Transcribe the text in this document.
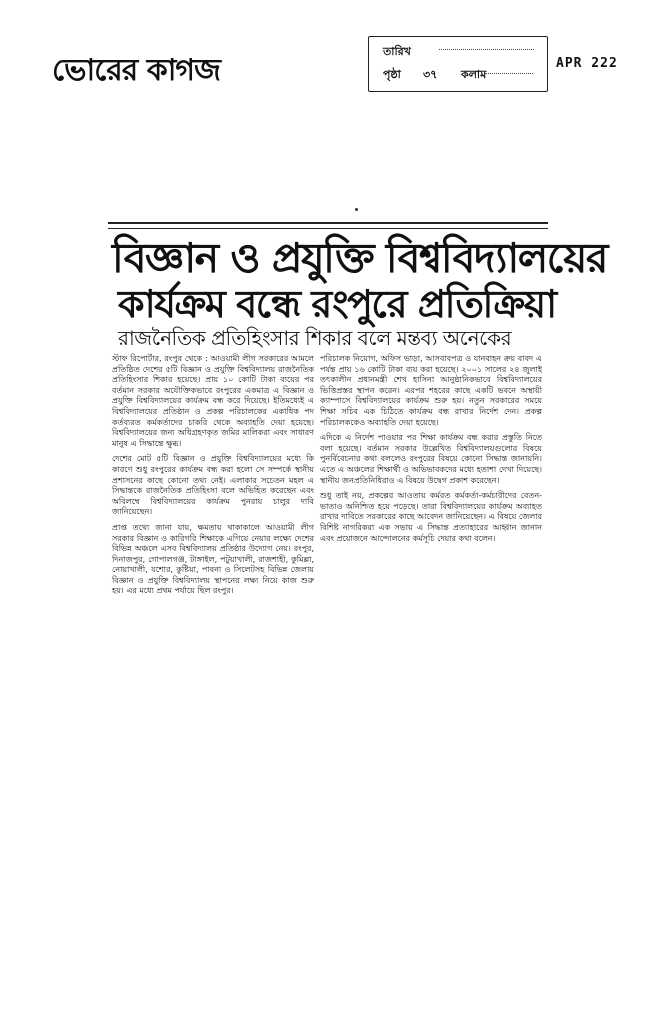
ভোরের কাগজ
তারিখ
পৃষ্ঠা ৩৭ কলাম
APR 222
বিজ্ঞান ও প্রযুক্তি বিশ্ববিদ্যালয়ের
কার্যক্রম বন্ধে রংপুরে প্রতিক্রিয়া
রাজনৈতিক প্রতিহিংসার শিকার বলে মন্তব্য অনেকের
স্টাফ রিপোর্টার, রংপুর থেকে : আওয়ামী লীগ সরকারের আমলে প্রতিষ্ঠিত দেশের ৫টি বিজ্ঞান ও প্রযুক্তি বিশ্ববিদ্যালয় রাজনৈতিক প্রতিহিংসার শিকার হয়েছে। প্রায় ১০ কোটি টাকা ব্যয়ের পর বর্তমান সরকার অযৌক্তিকভাবে রংপুরের একমাত্র এ বিজ্ঞান ও প্রযুক্তি বিশ্ববিদ্যালয়ের কার্যক্রম বন্ধ করে দিয়েছে। ইতিমধ্যেই এ বিশ্ববিদ্যালয়ের প্রতিষ্ঠান ও প্রকল্প পরিচালকের একাধিক পদ কর্তব্যরত কর্মকর্তাদের চাকরি থেকে অব্যাহতি দেয়া হয়েছে। বিশ্ববিদ্যালয়ের জন্য অধিগ্রহণকৃত জমির মালিকরা এবং সাধারণ মানুষ এ সিদ্ধান্তে ক্ষুব্ধ।
দেশের মোট ৫টি বিজ্ঞান ও প্রযুক্তি বিশ্ববিদ্যালয়ের মধ্যে কি কারণে শুধু রংপুরের কার্যক্রম বন্ধ করা হলো সে সম্পর্কে স্থানীয় প্রশাসনের কাছে কোনো তথ্য নেই। এলাকার সচেতন মহল এ সিদ্ধান্তকে রাজনৈতিক প্রতিহিংসা বলে অভিহিত করেছেন এবং অবিলম্বে বিশ্ববিদ্যালয়ের কার্যক্রম পুনরায় চালুর দাবি জানিয়েছেন।
প্রাপ্ত তথ্যে জানা যায়, ক্ষমতায় থাকাকালে আওয়ামী লীগ সরকার বিজ্ঞান ও কারিগরি শিক্ষাকে এগিয়ে নেয়ার লক্ষ্যে দেশের বিভিন্ন অঞ্চলে এসব বিশ্ববিদ্যালয় প্রতিষ্ঠার উদ্যোগ নেয়। রংপুর, দিনাজপুর, গোপালগঞ্জ, টাঙ্গাইল, পটুয়াখালী, রাজশাহী, কুমিল্লা, নোয়াখালী, যশোর, কুষ্টিয়া, পাবনা ও সিলেটসহ বিভিন্ন জেলায় বিজ্ঞান ও প্রযুক্তি বিশ্ববিদ্যালয় স্থাপনের লক্ষ্য নিয়ে কাজ শুরু হয়। এর মধ্যে প্রথম পর্যায়ে ছিল রংপুর।
পরিচালক নিয়োগ, অফিস ভাড়া, আসবাবপত্র ও যানবাহন ক্রয় বাবদ এ পর্যন্ত প্রায় ১৬ কোটি টাকা ব্যয় করা হয়েছে। ২০০১ সালের ২৪ জুলাই তৎকালীন প্রধানমন্ত্রী শেখ হাসিনা আনুষ্ঠানিকভাবে বিশ্ববিদ্যালয়ের ভিত্তিপ্রস্তর স্থাপন করেন। এরপর শহরের কাছে একটি ভবনে অস্থায়ী ক্যাম্পাসে বিশ্ববিদ্যালয়ের কার্যক্রম শুরু হয়। নতুন সরকারের সময়ে শিক্ষা সচিব এক চিঠিতে কার্যক্রম বন্ধ রাখার নির্দেশ দেন। প্রকল্প পরিচালককেও অব্যাহতি দেয়া হয়েছে।
এদিকে এ নির্দেশ পাওয়ার পর শিক্ষা কার্যক্রম বন্ধ করার প্রস্তুতি নিতে বলা হয়েছে। বর্তমান সরকার উল্লেখিত বিশ্ববিদ্যালয়গুলোর বিষয়ে পুনর্বিবেচনার কথা বললেও রংপুরের বিষয়ে কোনো সিদ্ধান্ত জানায়নি। এতে এ অঞ্চলের শিক্ষার্থী ও অভিভাবকদের মধ্যে হতাশা দেখা দিয়েছে। স্থানীয় জনপ্রতিনিধিরাও এ বিষয়ে উদ্বেগ প্রকাশ করেছেন।
শুধু তাই নয়, প্রকল্পের আওতায় কর্মরত কর্মকর্তা-কর্মচারীদের বেতন-ভাতাও অনিশ্চিত হয়ে পড়েছে। তারা বিশ্ববিদ্যালয়ের কার্যক্রম অব্যাহত রাখার দাবিতে সরকারের কাছে আবেদন জানিয়েছেন। এ বিষয়ে জেলার বিশিষ্ট নাগরিকরা এক সভায় এ সিদ্ধান্ত প্রত্যাহারের আহ্বান জানান এবং প্রয়োজনে আন্দোলনের কর্মসূচি দেয়ার কথা বলেন।
